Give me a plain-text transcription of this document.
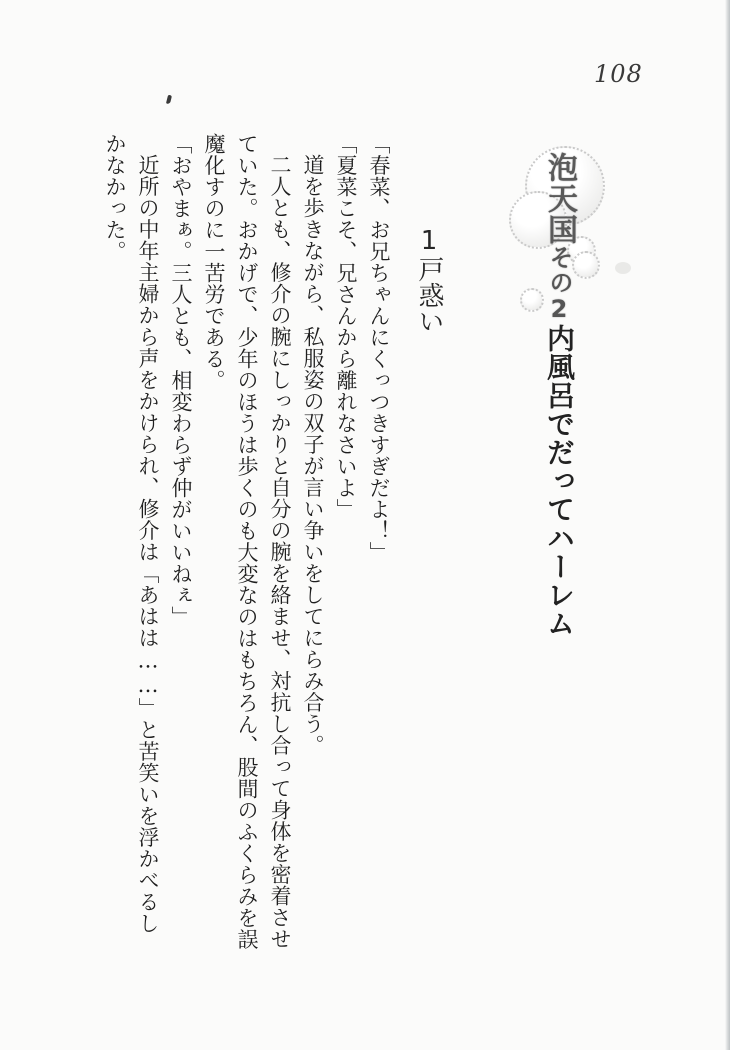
108
泡天国その2内風呂でだってハーレム
1戸惑い

「春菜、お兄ちゃんにくっつきすぎだよ！」

「夏菜こそ、兄さんから離れなさいよ」

道を歩きながら、私服姿の双子が言い争いをしてにらみ合う。

二人とも、修介の腕にしっかりと自分の腕を絡ませ、対抗し合って身体を密着させていた。おかげで、少年のほうは歩くのも大変なのはもちろん、股間のふくらみを誤魔化すのに一苦労である。

「おやまぁ。三人とも、相変わらず仲がいいねぇ」

近所の中年主婦から声をかけられ、修介は「あはは……」と苦笑いを浮かべるしかなかった。
